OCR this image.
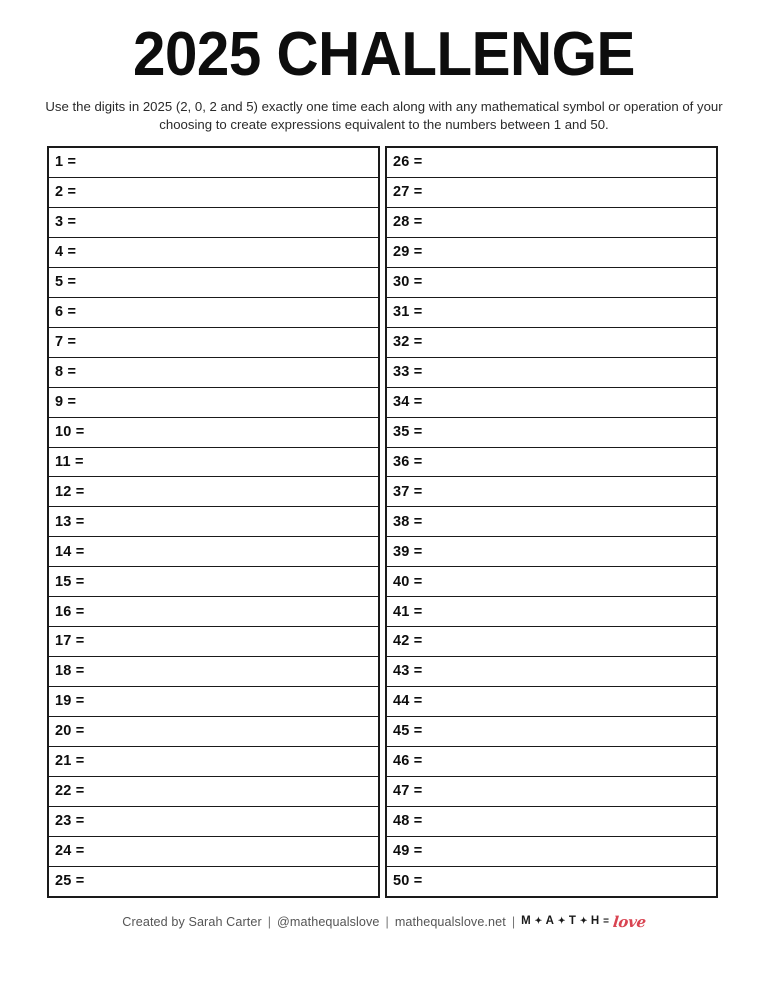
2025 CHALLENGE
Use the digits in 2025 (2, 0, 2 and 5) exactly one time each along with any mathematical symbol or operation of your choosing to create expressions equivalent to the numbers between 1 and 50.
1 =
2 =
3 =
4 =
5 =
6 =
7 =
8 =
9 =
10 =
11 =
12 =
13 =
14 =
15 =
16 =
17 =
18 =
19 =
20 =
21 =
22 =
23 =
24 =
25 =
26 =
27 =
28 =
29 =
30 =
31 =
32 =
33 =
34 =
35 =
36 =
37 =
38 =
39 =
40 =
41 =
42 =
43 =
44 =
45 =
46 =
47 =
48 =
49 =
50 =
Created by Sarah Carter | @mathequalslove | mathequalslove.net | M ✦ A ✦ T ✦ H = love
